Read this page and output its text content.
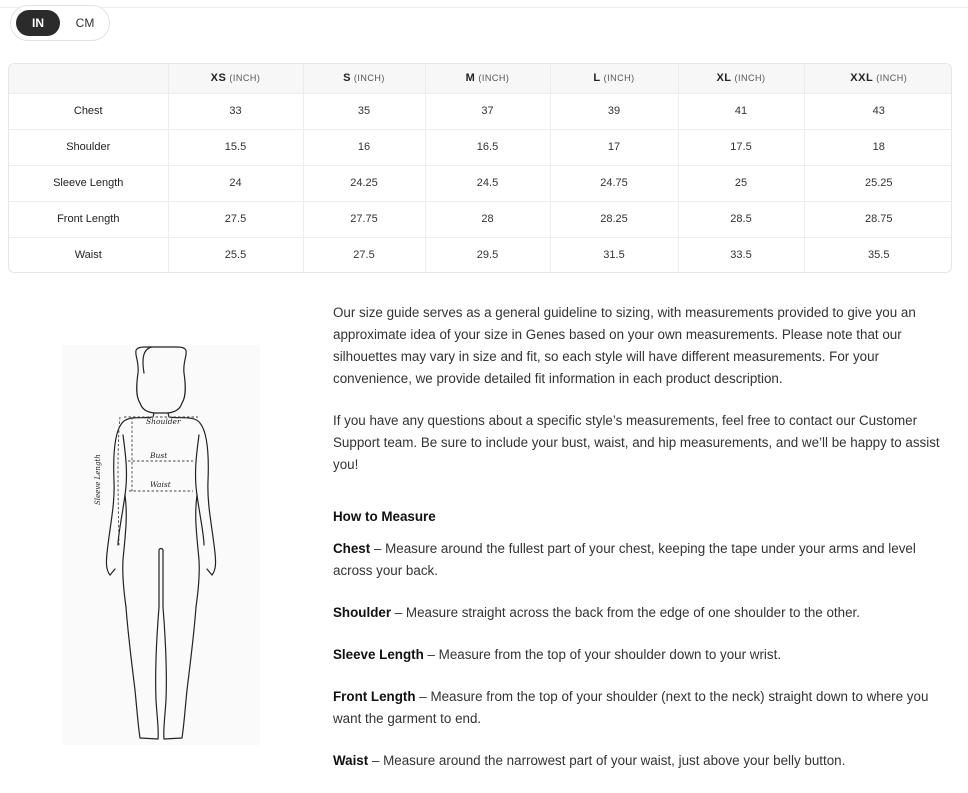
IN	CM
	XS (INCH)	S (INCH)	M (INCH)	L (INCH)	XL (INCH)	XXL (INCH)
Chest	33	35	37	39	41	43
Shoulder	15.5	16	16.5	17	17.5	18
Sleeve Length	24	24.25	24.5	24.75	25	25.25
Front Length	27.5	27.75	28	28.25	28.5	28.75
Waist	25.5	27.5	29.5	31.5	33.5	35.5
Shoulder
Bust
Waist
Sleeve Length

Our size guide serves as a general guideline to sizing, with measurements provided to give you an approximate idea of your size in Genes based on your own measurements. Please note that our silhouettes may vary in size and fit, so each style will have different measurements. For your convenience, we provide detailed fit information in each product description.

If you have any questions about a specific style’s measurements, feel free to contact our Customer Support team. Be sure to include your bust, waist, and hip measurements, and we’ll be happy to assist you!

How to Measure

Chest – Measure around the fullest part of your chest, keeping the tape under your arms and level across your back.

Shoulder – Measure straight across the back from the edge of one shoulder to the other.

Sleeve Length – Measure from the top of your shoulder down to your wrist.

Front Length – Measure from the top of your shoulder (next to the neck) straight down to where you want the garment to end.

Waist – Measure around the narrowest part of your waist, just above your belly button.
